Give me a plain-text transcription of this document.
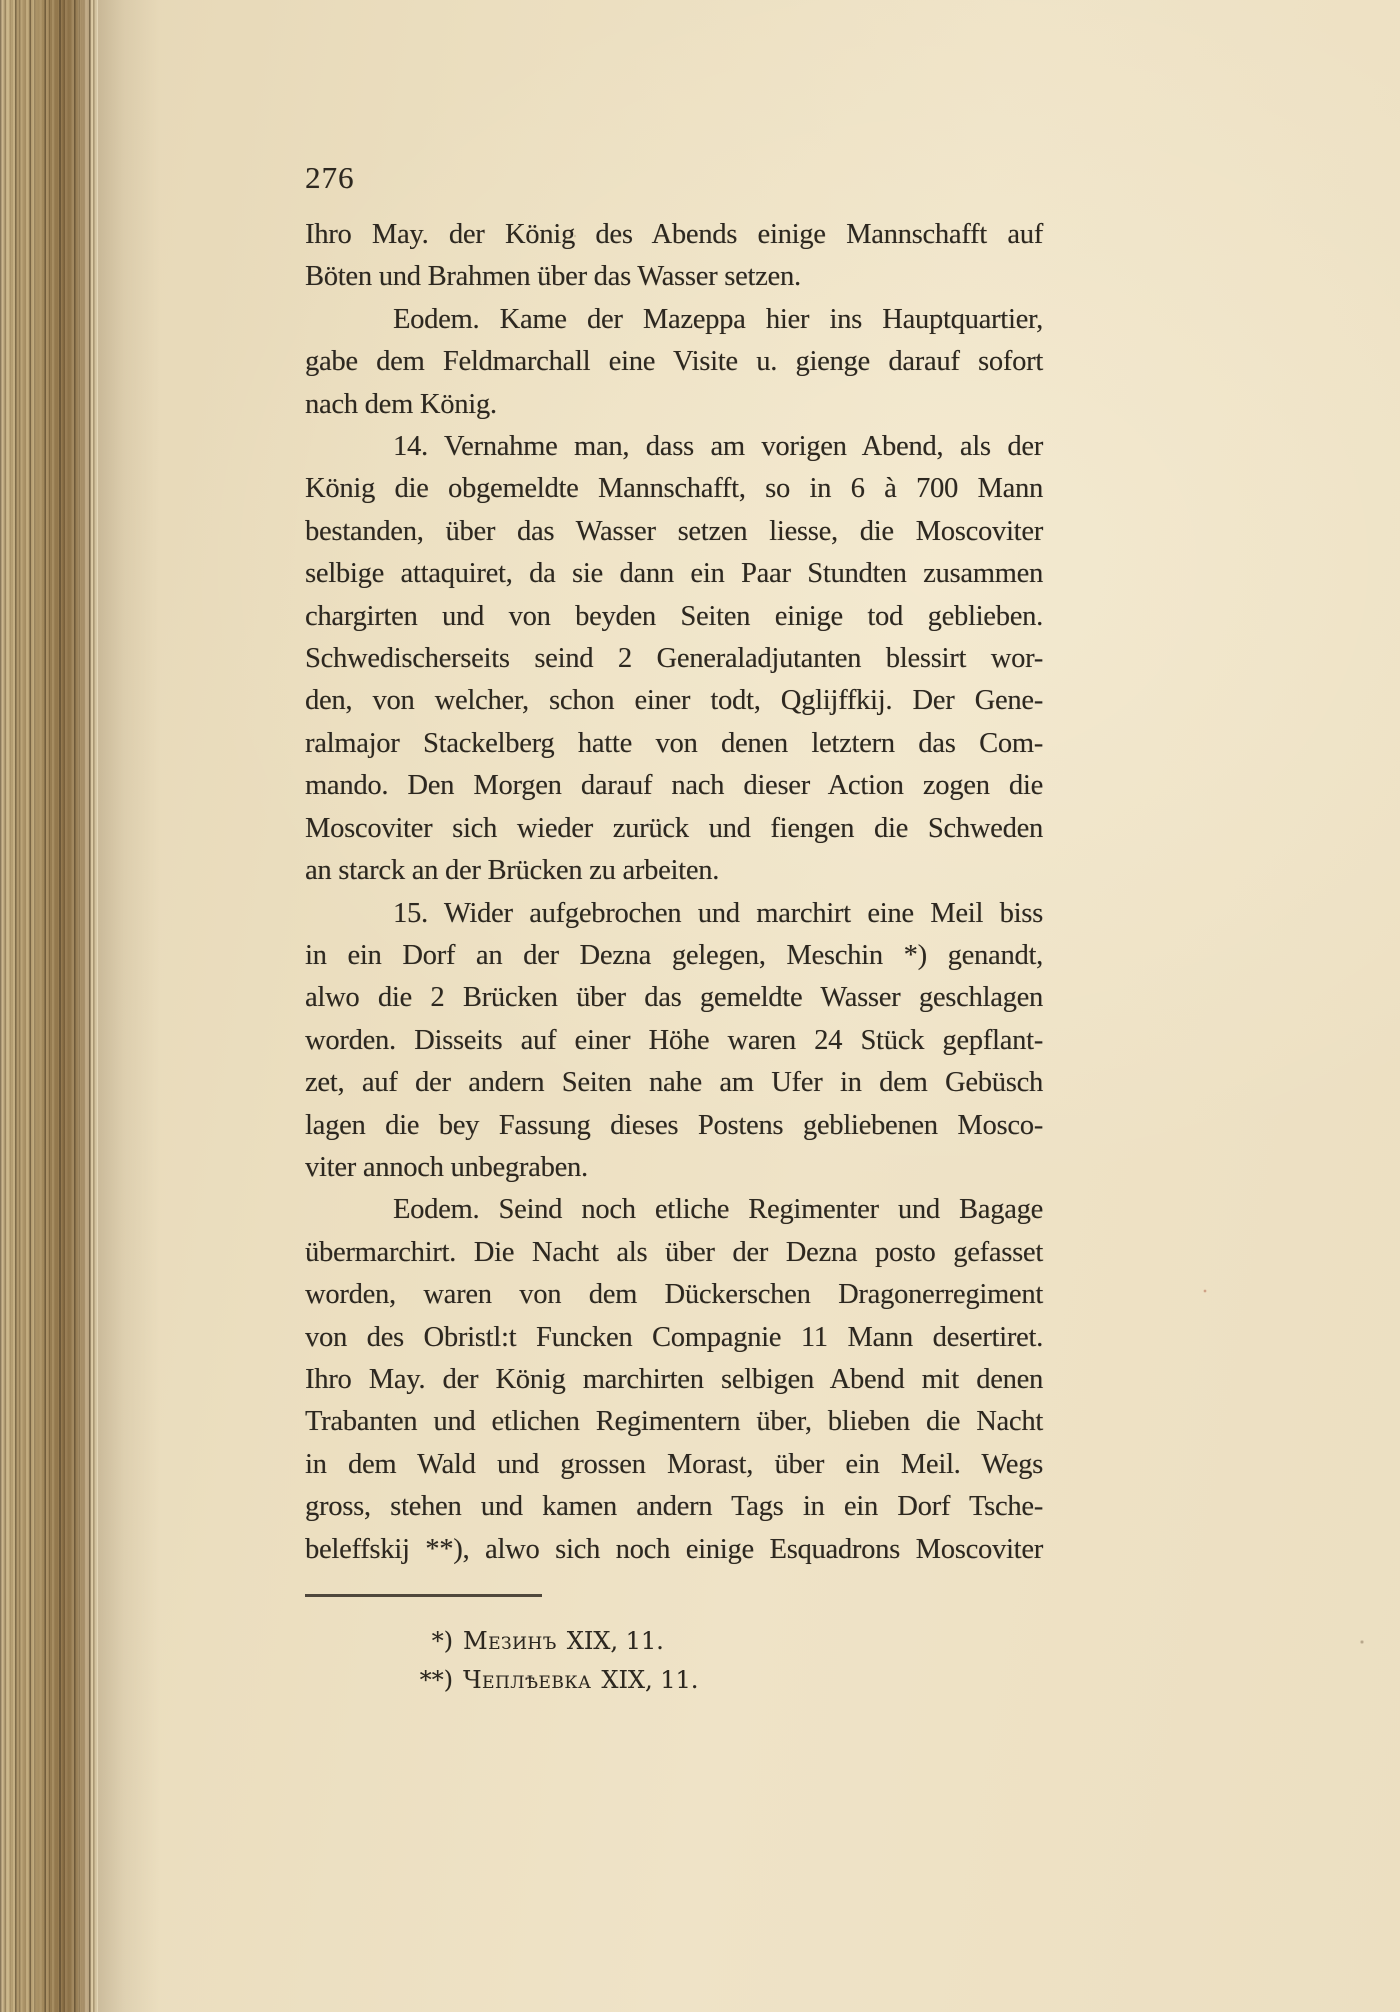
276
Ihro May. der König des Abends einige Mannschafft auf
Böten und Brahmen über das Wasser setzen.
Eodem. Kame der Mazeppa hier ins Hauptquartier,
gabe dem Feldmarchall eine Visite u. gienge darauf sofort
nach dem König.
14. Vernahme man, dass am vorigen Abend, als der
König die obgemeldte Mannschafft, so in 6 à 700 Mann
bestanden, über das Wasser setzen liesse, die Moscoviter
selbige attaquiret, da sie dann ein Paar Stundten zusammen
chargirten und von beyden Seiten einige tod geblieben.
Schwedischerseits seind 2 Generaladjutanten blessirt wor-
den, von welcher, schon einer todt, Qglijffkij. Der Gene-
ralmajor Stackelberg hatte von denen letztern das Com-
mando. Den Morgen darauf nach dieser Action zogen die
Moscoviter sich wieder zurück und fiengen die Schweden
an starck an der Brücken zu arbeiten.
15. Wider aufgebrochen und marchirt eine Meil biss
in ein Dorf an der Dezna gelegen, Meschin *) genandt,
alwo die 2 Brücken über das gemeldte Wasser geschlagen
worden. Disseits auf einer Höhe waren 24 Stück gepflant-
zet, auf der andern Seiten nahe am Ufer in dem Gebüsch
lagen die bey Fassung dieses Postens gebliebenen Mosco-
viter annoch unbegraben.
Eodem. Seind noch etliche Regimenter und Bagage
übermarchirt. Die Nacht als über der Dezna posto gefasset
worden, waren von dem Dückerschen Dragonerregiment
von des Obristl:t Funcken Compagnie 11 Mann desertiret.
Ihro May. der König marchirten selbigen Abend mit denen
Trabanten und etlichen Regimentern über, blieben die Nacht
in dem Wald und grossen Morast, über ein Meil. Wegs
gross, stehen und kamen andern Tags in ein Dorf Tsche-
beleffskij **), alwo sich noch einige Esquadrons Moscoviter
*) Мезинъ XIX, 11.
**) Чеплѣевка XIX, 11.
